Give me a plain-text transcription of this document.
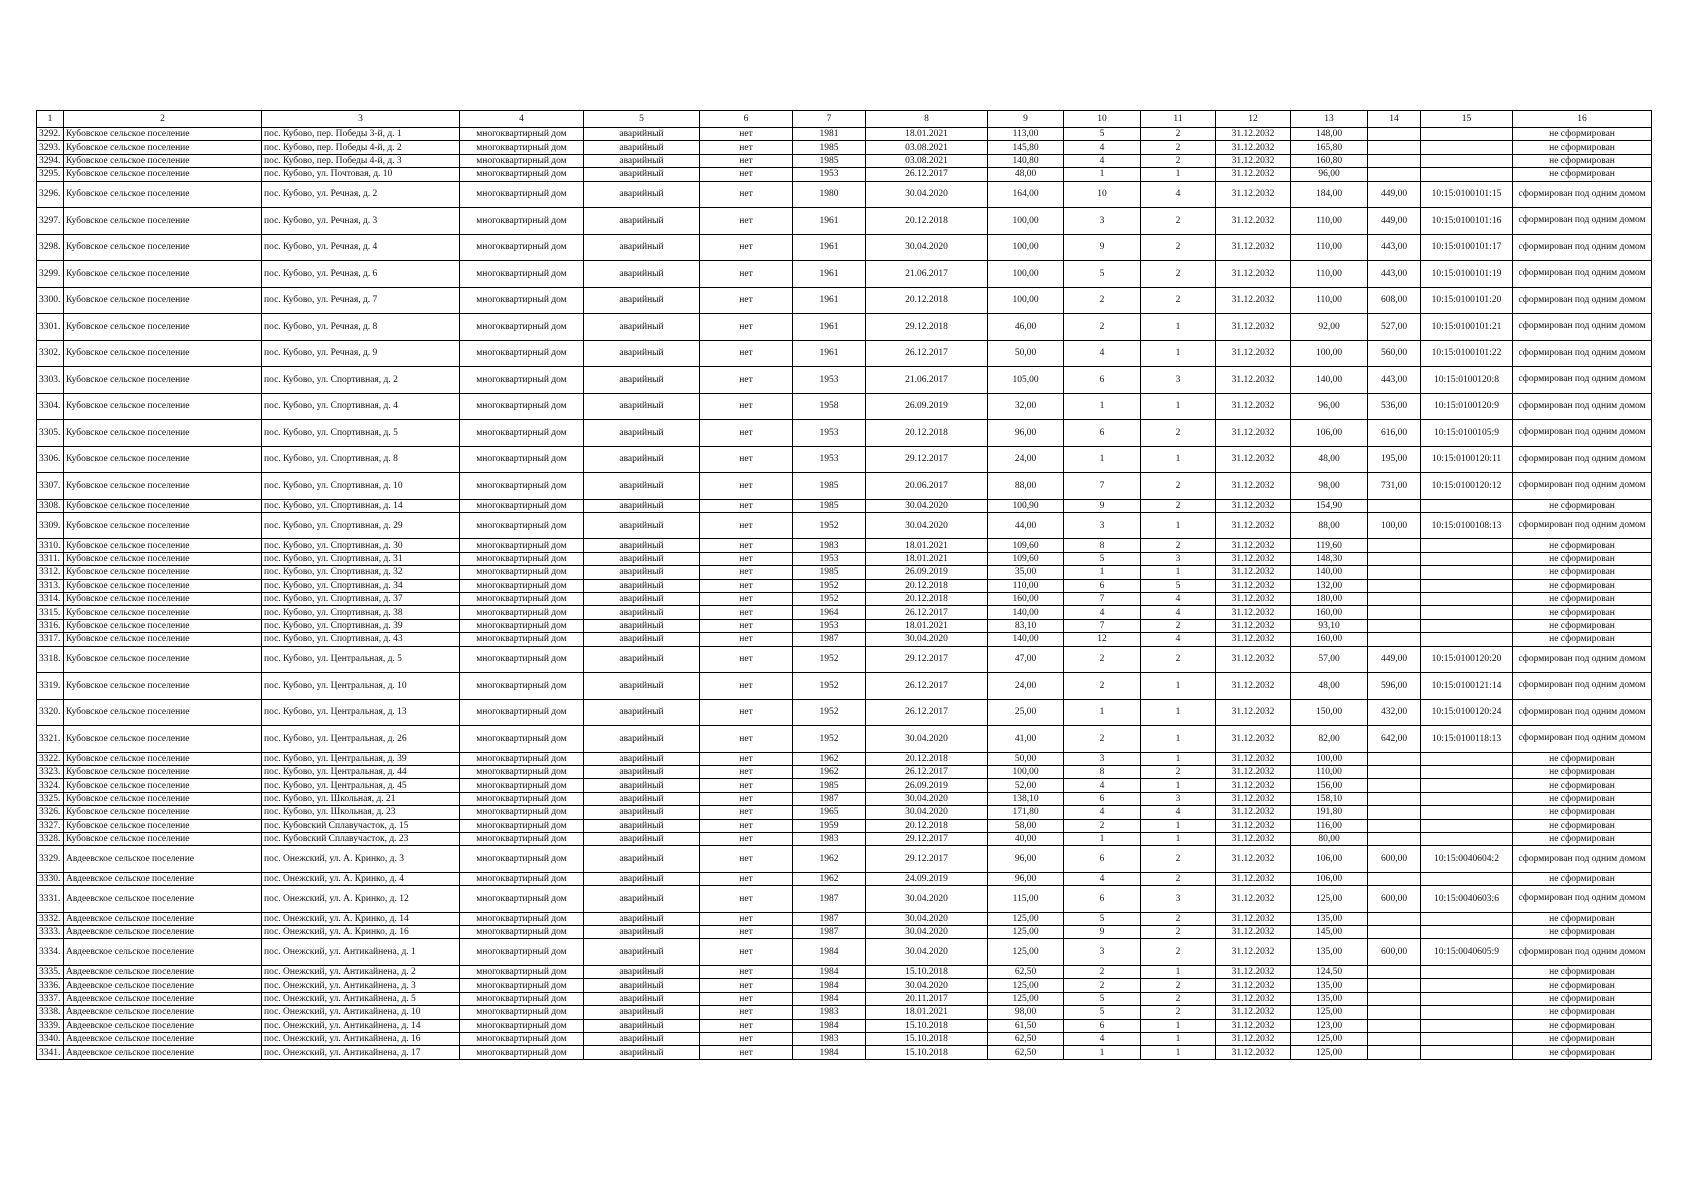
1	2	3	4	5	6	7	8	9	10	11	12	13	14	15	16
3292.	Кубовское сельское поселение	пос. Кубово, пер. Победы 3-й, д. 1	многоквартирный дом	аварийный	нет	1981	18.01.2021	113,00	5	2	31.12.2032	148,00			не сформирован
3293.	Кубовское сельское поселение	пос. Кубово, пер. Победы 4-й, д. 2	многоквартирный дом	аварийный	нет	1985	03.08.2021	145,80	4	2	31.12.2032	165,80			не сформирован
3294.	Кубовское сельское поселение	пос. Кубово, пер. Победы 4-й, д. 3	многоквартирный дом	аварийный	нет	1985	03.08.2021	140,80	4	2	31.12.2032	160,80			не сформирован
3295.	Кубовское сельское поселение	пос. Кубово, ул. Почтовая, д. 10	многоквартирный дом	аварийный	нет	1953	26.12.2017	48,00	1	1	31.12.2032	96,00			не сформирован
3296.	Кубовское сельское поселение	пос. Кубово, ул. Речная, д. 2	многоквартирный дом	аварийный	нет	1980	30.04.2020	164,00	10	4	31.12.2032	184,00	449,00	10:15:0100101:15	сформирован под одним домом
3297.	Кубовское сельское поселение	пос. Кубово, ул. Речная, д. 3	многоквартирный дом	аварийный	нет	1961	20.12.2018	100,00	3	2	31.12.2032	110,00	449,00	10:15:0100101:16	сформирован под одним домом
3298.	Кубовское сельское поселение	пос. Кубово, ул. Речная, д. 4	многоквартирный дом	аварийный	нет	1961	30.04.2020	100,00	9	2	31.12.2032	110,00	443,00	10:15:0100101:17	сформирован под одним домом
3299.	Кубовское сельское поселение	пос. Кубово, ул. Речная, д. 6	многоквартирный дом	аварийный	нет	1961	21.06.2017	100,00	5	2	31.12.2032	110,00	443,00	10:15:0100101:19	сформирован под одним домом
3300.	Кубовское сельское поселение	пос. Кубово, ул. Речная, д. 7	многоквартирный дом	аварийный	нет	1961	20.12.2018	100,00	2	2	31.12.2032	110,00	608,00	10:15:0100101:20	сформирован под одним домом
3301.	Кубовское сельское поселение	пос. Кубово, ул. Речная, д. 8	многоквартирный дом	аварийный	нет	1961	29.12.2018	46,00	2	1	31.12.2032	92,00	527,00	10:15:0100101:21	сформирован под одним домом
3302.	Кубовское сельское поселение	пос. Кубово, ул. Речная, д. 9	многоквартирный дом	аварийный	нет	1961	26.12.2017	50,00	4	1	31.12.2032	100,00	560,00	10:15:0100101:22	сформирован под одним домом
3303.	Кубовское сельское поселение	пос. Кубово, ул. Спортивная, д. 2	многоквартирный дом	аварийный	нет	1953	21.06.2017	105,00	6	3	31.12.2032	140,00	443,00	10:15:0100120:8	сформирован под одним домом
3304.	Кубовское сельское поселение	пос. Кубово, ул. Спортивная, д. 4	многоквартирный дом	аварийный	нет	1958	26.09.2019	32,00	1	1	31.12.2032	96,00	536,00	10:15:0100120:9	сформирован под одним домом
3305.	Кубовское сельское поселение	пос. Кубово, ул. Спортивная, д. 5	многоквартирный дом	аварийный	нет	1953	20.12.2018	96,00	6	2	31.12.2032	106,00	616,00	10:15:0100105:9	сформирован под одним домом
3306.	Кубовское сельское поселение	пос. Кубово, ул. Спортивная, д. 8	многоквартирный дом	аварийный	нет	1953	29.12.2017	24,00	1	1	31.12.2032	48,00	195,00	10:15:0100120:11	сформирован под одним домом
3307.	Кубовское сельское поселение	пос. Кубово, ул. Спортивная, д. 10	многоквартирный дом	аварийный	нет	1985	20.06.2017	88,00	7	2	31.12.2032	98,00	731,00	10:15:0100120:12	сформирован под одним домом
3308.	Кубовское сельское поселение	пос. Кубово, ул. Спортивная, д. 14	многоквартирный дом	аварийный	нет	1985	30.04.2020	100,90	9	2	31.12.2032	154,90			не сформирован
3309.	Кубовское сельское поселение	пос. Кубово, ул. Спортивная, д. 29	многоквартирный дом	аварийный	нет	1952	30.04.2020	44,00	3	1	31.12.2032	88,00	100,00	10:15:0100108:13	сформирован под одним домом
3310.	Кубовское сельское поселение	пос. Кубово, ул. Спортивная, д. 30	многоквартирный дом	аварийный	нет	1983	18.01.2021	109,60	8	2	31.12.2032	119,60			не сформирован
3311.	Кубовское сельское поселение	пос. Кубово, ул. Спортивная, д. 31	многоквартирный дом	аварийный	нет	1953	18.01.2021	109,60	5	3	31.12.2032	148,30			не сформирован
3312.	Кубовское сельское поселение	пос. Кубово, ул. Спортивная, д. 32	многоквартирный дом	аварийный	нет	1985	26.09.2019	35,00	1	1	31.12.2032	140,00			не сформирован
3313.	Кубовское сельское поселение	пос. Кубово, ул. Спортивная, д. 34	многоквартирный дом	аварийный	нет	1952	20.12.2018	110,00	6	5	31.12.2032	132,00			не сформирован
3314.	Кубовское сельское поселение	пос. Кубово, ул. Спортивная, д. 37	многоквартирный дом	аварийный	нет	1952	20.12.2018	160,00	7	4	31.12.2032	180,00			не сформирован
3315.	Кубовское сельское поселение	пос. Кубово, ул. Спортивная, д. 38	многоквартирный дом	аварийный	нет	1964	26.12.2017	140,00	4	4	31.12.2032	160,00			не сформирован
3316.	Кубовское сельское поселение	пос. Кубово, ул. Спортивная, д. 39	многоквартирный дом	аварийный	нет	1953	18.01.2021	83,10	7	2	31.12.2032	93,10			не сформирован
3317.	Кубовское сельское поселение	пос. Кубово, ул. Спортивная, д. 43	многоквартирный дом	аварийный	нет	1987	30.04.2020	140,00	12	4	31.12.2032	160,00			не сформирован
3318.	Кубовское сельское поселение	пос. Кубово, ул. Центральная, д. 5	многоквартирный дом	аварийный	нет	1952	29.12.2017	47,00	2	2	31.12.2032	57,00	449,00	10:15:0100120:20	сформирован под одним домом
3319.	Кубовское сельское поселение	пос. Кубово, ул. Центральная, д. 10	многоквартирный дом	аварийный	нет	1952	26.12.2017	24,00	2	1	31.12.2032	48,00	596,00	10:15:0100121:14	сформирован под одним домом
3320.	Кубовское сельское поселение	пос. Кубово, ул. Центральная, д. 13	многоквартирный дом	аварийный	нет	1952	26.12.2017	25,00	1	1	31.12.2032	150,00	432,00	10:15:0100120:24	сформирован под одним домом
3321.	Кубовское сельское поселение	пос. Кубово, ул. Центральная, д. 26	многоквартирный дом	аварийный	нет	1952	30.04.2020	41,00	2	1	31.12.2032	82,00	642,00	10:15:0100118:13	сформирован под одним домом
3322.	Кубовское сельское поселение	пос. Кубово, ул. Центральная, д. 39	многоквартирный дом	аварийный	нет	1962	20.12.2018	50,00	3	1	31.12.2032	100,00			не сформирован
3323.	Кубовское сельское поселение	пос. Кубово, ул. Центральная, д. 44	многоквартирный дом	аварийный	нет	1962	26.12.2017	100,00	8	2	31.12.2032	110,00			не сформирован
3324.	Кубовское сельское поселение	пос. Кубово, ул. Центральная, д. 45	многоквартирный дом	аварийный	нет	1985	26.09.2019	52,00	4	1	31.12.2032	156,00			не сформирован
3325.	Кубовское сельское поселение	пос. Кубово, ул. Школьная, д. 21	многоквартирный дом	аварийный	нет	1987	30.04.2020	138,10	6	3	31.12.2032	158,10			не сформирован
3326.	Кубовское сельское поселение	пос. Кубово, ул. Школьная, д. 23	многоквартирный дом	аварийный	нет	1965	30.04.2020	171,80	4	4	31.12.2032	191,80			не сформирован
3327.	Кубовское сельское поселение	пос. Кубовский Сплавучасток, д. 15	многоквартирный дом	аварийный	нет	1959	20.12.2018	58,00	2	1	31.12.2032	116,00			не сформирован
3328.	Кубовское сельское поселение	пос. Кубовский Сплавучасток, д. 23	многоквартирный дом	аварийный	нет	1983	29.12.2017	40,00	1	1	31.12.2032	80,00			не сформирован
3329.	Авдеевское сельское поселение	пос. Онежский, ул. А. Кринко, д. 3	многоквартирный дом	аварийный	нет	1962	29.12.2017	96,00	6	2	31.12.2032	106,00	600,00	10:15:0040604:2	сформирован под одним домом
3330.	Авдеевское сельское поселение	пос. Онежский, ул. А. Кринко, д. 4	многоквартирный дом	аварийный	нет	1962	24.09.2019	96,00	4	2	31.12.2032	106,00			не сформирован
3331.	Авдеевское сельское поселение	пос. Онежский, ул. А. Кринко, д. 12	многоквартирный дом	аварийный	нет	1987	30.04.2020	115,00	6	3	31.12.2032	125,00	600,00	10:15:0040603:6	сформирован под одним домом
3332.	Авдеевское сельское поселение	пос. Онежский, ул. А. Кринко, д. 14	многоквартирный дом	аварийный	нет	1987	30.04.2020	125,00	5	2	31.12.2032	135,00			не сформирован
3333.	Авдеевское сельское поселение	пос. Онежский, ул. А. Кринко, д. 16	многоквартирный дом	аварийный	нет	1987	30.04.2020	125,00	9	2	31.12.2032	145,00			не сформирован
3334.	Авдеевское сельское поселение	пос. Онежский, ул. Антикайнена, д. 1	многоквартирный дом	аварийный	нет	1984	30.04.2020	125,00	3	2	31.12.2032	135,00	600,00	10:15:0040605:9	сформирован под одним домом
3335.	Авдеевское сельское поселение	пос. Онежский, ул. Антикайнена, д. 2	многоквартирный дом	аварийный	нет	1984	15.10.2018	62,50	2	1	31.12.2032	124,50			не сформирован
3336.	Авдеевское сельское поселение	пос. Онежский, ул. Антикайнена, д. 3	многоквартирный дом	аварийный	нет	1984	30.04.2020	125,00	2	2	31.12.2032	135,00			не сформирован
3337.	Авдеевское сельское поселение	пос. Онежский, ул. Антикайнена, д. 5	многоквартирный дом	аварийный	нет	1984	20.11.2017	125,00	5	2	31.12.2032	135,00			не сформирован
3338.	Авдеевское сельское поселение	пос. Онежский, ул. Антикайнена, д. 10	многоквартирный дом	аварийный	нет	1983	18.01.2021	98,00	5	2	31.12.2032	125,00			не сформирован
3339.	Авдеевское сельское поселение	пос. Онежский, ул. Антикайнена, д. 14	многоквартирный дом	аварийный	нет	1984	15.10.2018	61,50	6	1	31.12.2032	123,00			не сформирован
3340.	Авдеевское сельское поселение	пос. Онежский, ул. Антикайнена, д. 16	многоквартирный дом	аварийный	нет	1983	15.10.2018	62,50	4	1	31.12.2032	125,00			не сформирован
3341.	Авдеевское сельское поселение	пос. Онежский, ул. Антикайнена, д. 17	многоквартирный дом	аварийный	нет	1984	15.10.2018	62,50	1	1	31.12.2032	125,00			не сформирован
